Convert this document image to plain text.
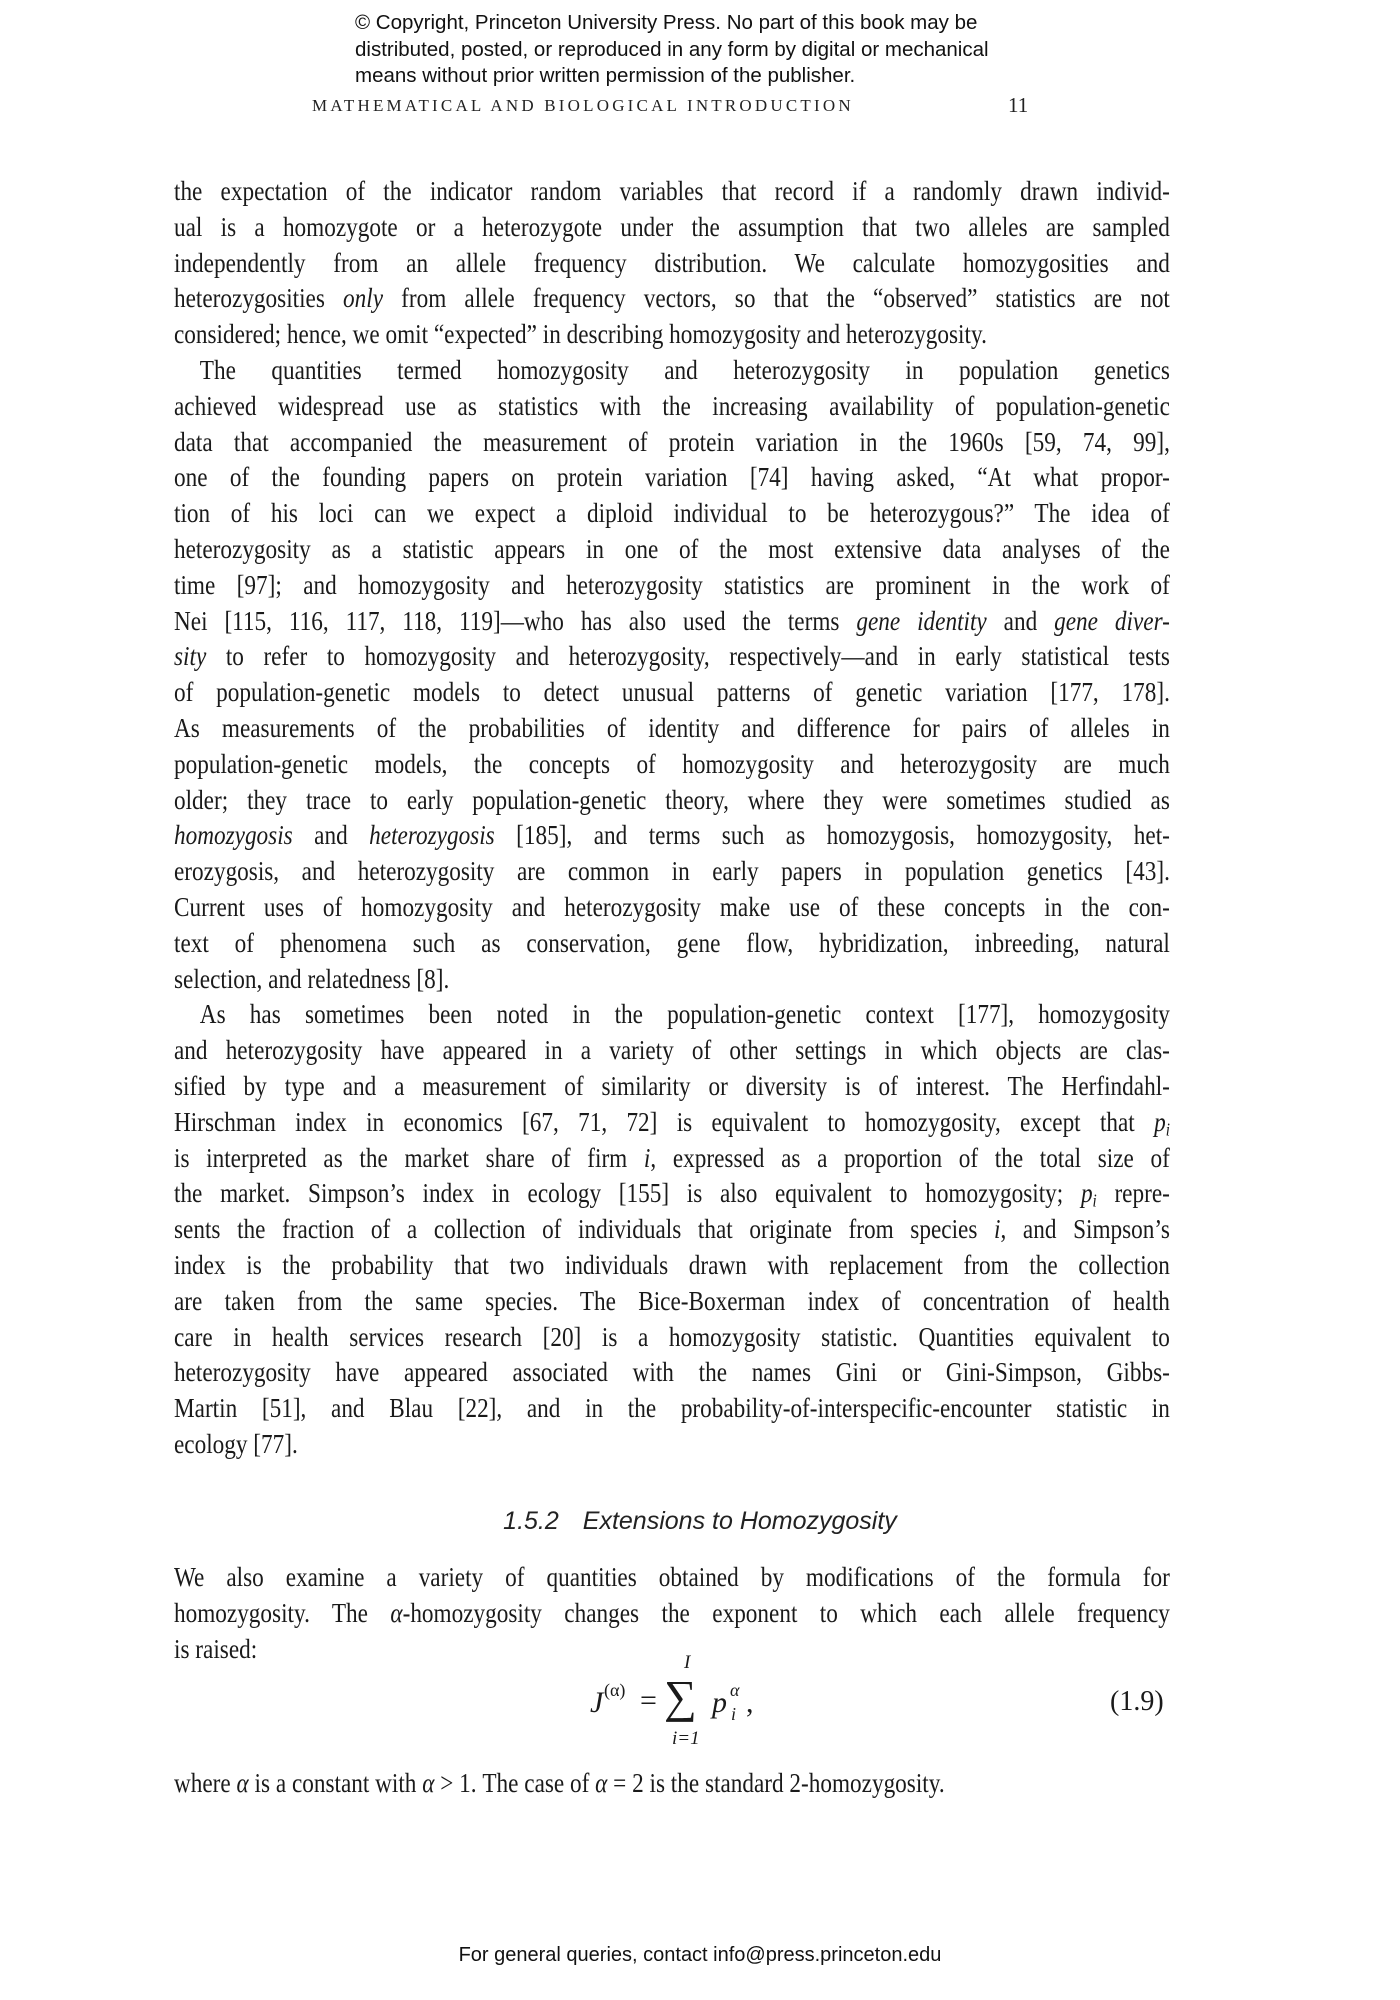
© Copyright, Princeton University Press. No part of this book may be
distributed, posted, or reproduced in any form by digital or mechanical
means without prior written permission of the publisher.
MATHEMATICAL AND BIOLOGICAL INTRODUCTION	11
the expectation of the indicator random variables that record if a randomly drawn individ-
ual is a homozygote or a heterozygote under the assumption that two alleles are sampled
independently from an allele frequency distribution. We calculate homozygosities and
heterozygosities only from allele frequency vectors, so that the “observed” statistics are not
considered; hence, we omit “expected” in describing homozygosity and heterozygosity.
The quantities termed homozygosity and heterozygosity in population genetics
achieved widespread use as statistics with the increasing availability of population-genetic
data that accompanied the measurement of protein variation in the 1960s [59, 74, 99],
one of the founding papers on protein variation [74] having asked, “At what propor-
tion of his loci can we expect a diploid individual to be heterozygous?” The idea of
heterozygosity as a statistic appears in one of the most extensive data analyses of the
time [97]; and homozygosity and heterozygosity statistics are prominent in the work of
Nei [115, 116, 117, 118, 119]—who has also used the terms gene identity and gene diver-
sity to refer to homozygosity and heterozygosity, respectively—and in early statistical tests
of population-genetic models to detect unusual patterns of genetic variation [177, 178].
As measurements of the probabilities of identity and difference for pairs of alleles in
population-genetic models, the concepts of homozygosity and heterozygosity are much
older; they trace to early population-genetic theory, where they were sometimes studied as
homozygosis and heterozygosis [185], and terms such as homozygosis, homozygosity, het-
erozygosis, and heterozygosity are common in early papers in population genetics [43].
Current uses of homozygosity and heterozygosity make use of these concepts in the con-
text of phenomena such as conservation, gene flow, hybridization, inbreeding, natural
selection, and relatedness [8].
As has sometimes been noted in the population-genetic context [177], homozygosity
and heterozygosity have appeared in a variety of other settings in which objects are clas-
sified by type and a measurement of similarity or diversity is of interest. The Herfindahl-
Hirschman index in economics [67, 71, 72] is equivalent to homozygosity, except that $p_i$
is interpreted as the market share of firm i, expressed as a proportion of the total size of
the market. Simpson’s index in ecology [155] is also equivalent to homozygosity; $p_i$ repre-
sents the fraction of a collection of individuals that originate from species i, and Simpson’s
index is the probability that two individuals drawn with replacement from the collection
are taken from the same species. The Bice-Boxerman index of concentration of health
care in health services research [20] is a homozygosity statistic. Quantities equivalent to
heterozygosity have appeared associated with the names Gini or Gini-Simpson, Gibbs-
Martin [51], and Blau [22], and in the probability-of-interspecific-encounter statistic in
ecology [77].
1.5.2 Extensions to Homozygosity
We also examine a variety of quantities obtained by modifications of the formula for
homozygosity. The α-homozygosity changes the exponent to which each allele frequency
is raised:
J (α) = ∑
I
i=1
p α
i ,	(1.9)
where α is a constant with α > 1. The case of α = 2 is the standard 2-homozygosity.
For general queries, contact info@press.princeton.edu
